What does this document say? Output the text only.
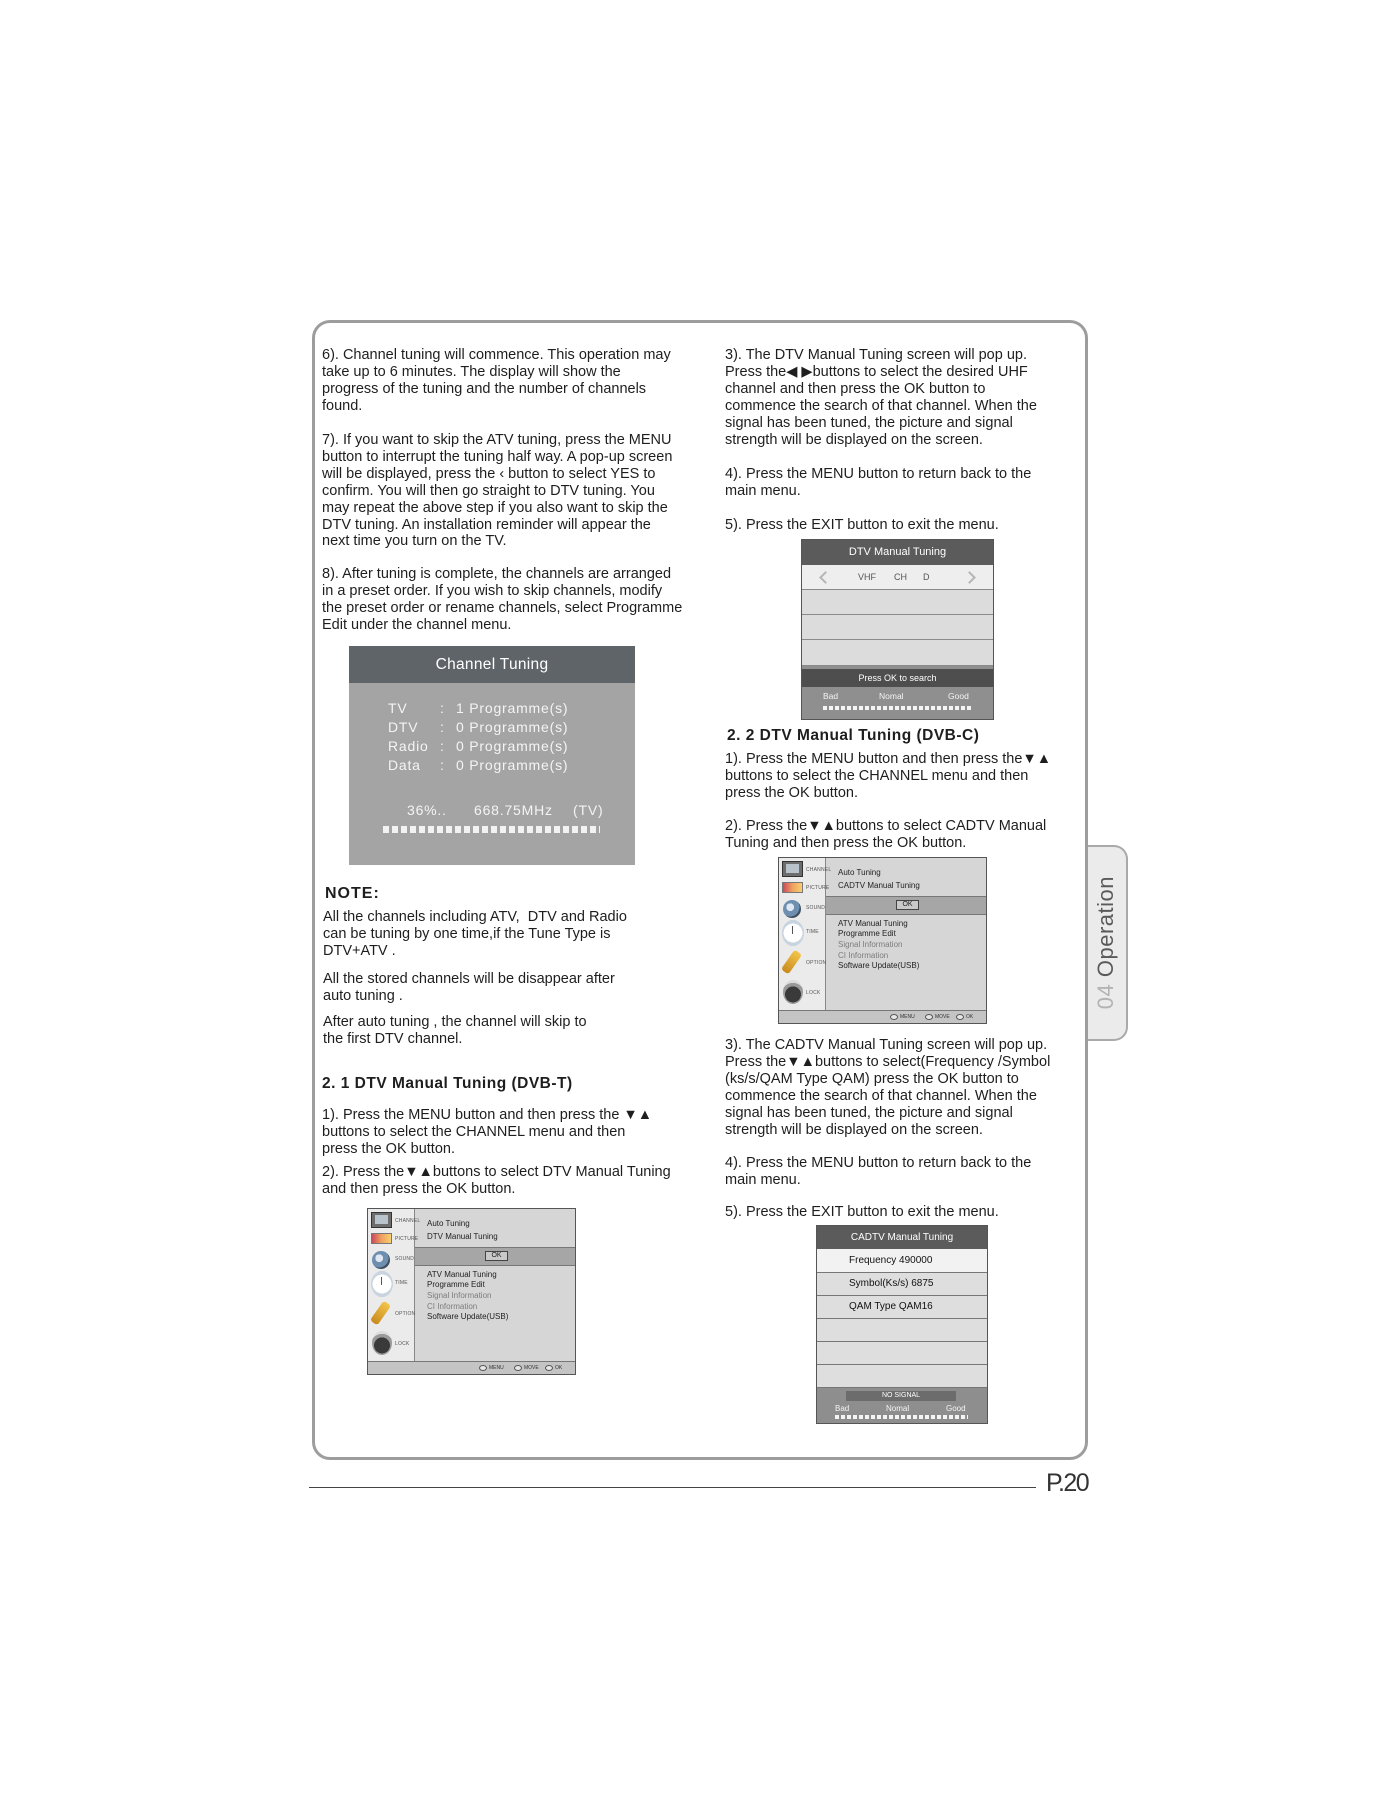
04 Operation
6). Channel tuning will commence. This operation may
take up to 6 minutes. The display will show the
progress of the tuning and the number of channels
found.
7). If you want to skip the ATV tuning, press the MENU
button to interrupt the tuning half way. A pop-up screen
will be displayed, press the ‹ button to select YES to
confirm. You will then go straight to DTV tuning. You
may repeat the above step if you also want to skip the
DTV tuning. An installation reminder will appear the
next time you turn on the TV.
8). After tuning is complete, the channels are arranged
in a preset order. If you wish to skip channels, modify
the preset order or rename channels, select Programme
Edit under the channel menu.
Channel Tuning
TV : 1 Programme(s)
DTV : 0 Programme(s)
Radio : 0 Programme(s)
Data : 0 Programme(s)
36%.. 668.75MHz (TV)
NOTE:
All the channels including ATV,  DTV and Radio
can be tuning by one time,if the Tune Type is
DTV+ATV .
All the stored channels will be disappear after
auto tuning .
After auto tuning , the channel will skip to
the first DTV channel.
2. 1 DTV Manual Tuning (DVB-T)
1). Press the MENU button and then press the ▼▲
buttons to select the CHANNEL menu and then
press the OK button.
2). Press the▼▲buttons to select DTV Manual Tuning
and then press the OK button.
CHANNEL
PICTURE
SOUND
TIME
OPTION
LOCK
Auto Tuning
DTV Manual Tuning
OK
ATV Manual Tuning
Programme Edit
Signal Information
CI Information
Software Update(USB)
MENU	MOVE	OK
3). The DTV Manual Tuning screen will pop up.
Press the◀ ▶buttons to select the desired UHF
channel and then press the OK button to
commence the search of that channel. When the
signal has been tuned, the picture and signal
strength will be displayed on the screen.
4). Press the MENU button to return back to the
main menu.
5). Press the EXIT button to exit the menu.
DTV Manual Tuning
VHF CH D
Press OK to search
Bad	Nomal	Good
2. 2 DTV Manual Tuning (DVB-C)
1). Press the MENU button and then press the▼▲
buttons to select the CHANNEL menu and then
press the OK button.
2). Press the▼▲buttons to select CADTV Manual
Tuning and then press the OK button.
CHANNEL
PICTURE
SOUND
TIME
OPTION
LOCK
Auto Tuning
CADTV Manual Tuning
OK
ATV Manual Tuning
Programme Edit
Signal Information
CI Information
Software Update(USB)
MENU	MOVE	OK
3). The CADTV Manual Tuning screen will pop up.
Press the▼▲buttons to select(Frequency /Symbol
(ks/s/QAM Type QAM) press the OK button to
commence the search of that channel. When the
signal has been tuned, the picture and signal
strength will be displayed on the screen.
4). Press the MENU button to return back to the
main menu.
5). Press the EXIT button to exit the menu.
CADTV Manual Tuning
Frequency 490000
Symbol(Ks/s) 6875
QAM Type QAM16
NO SIGNAL
Bad	Nomal	Good
P.20
